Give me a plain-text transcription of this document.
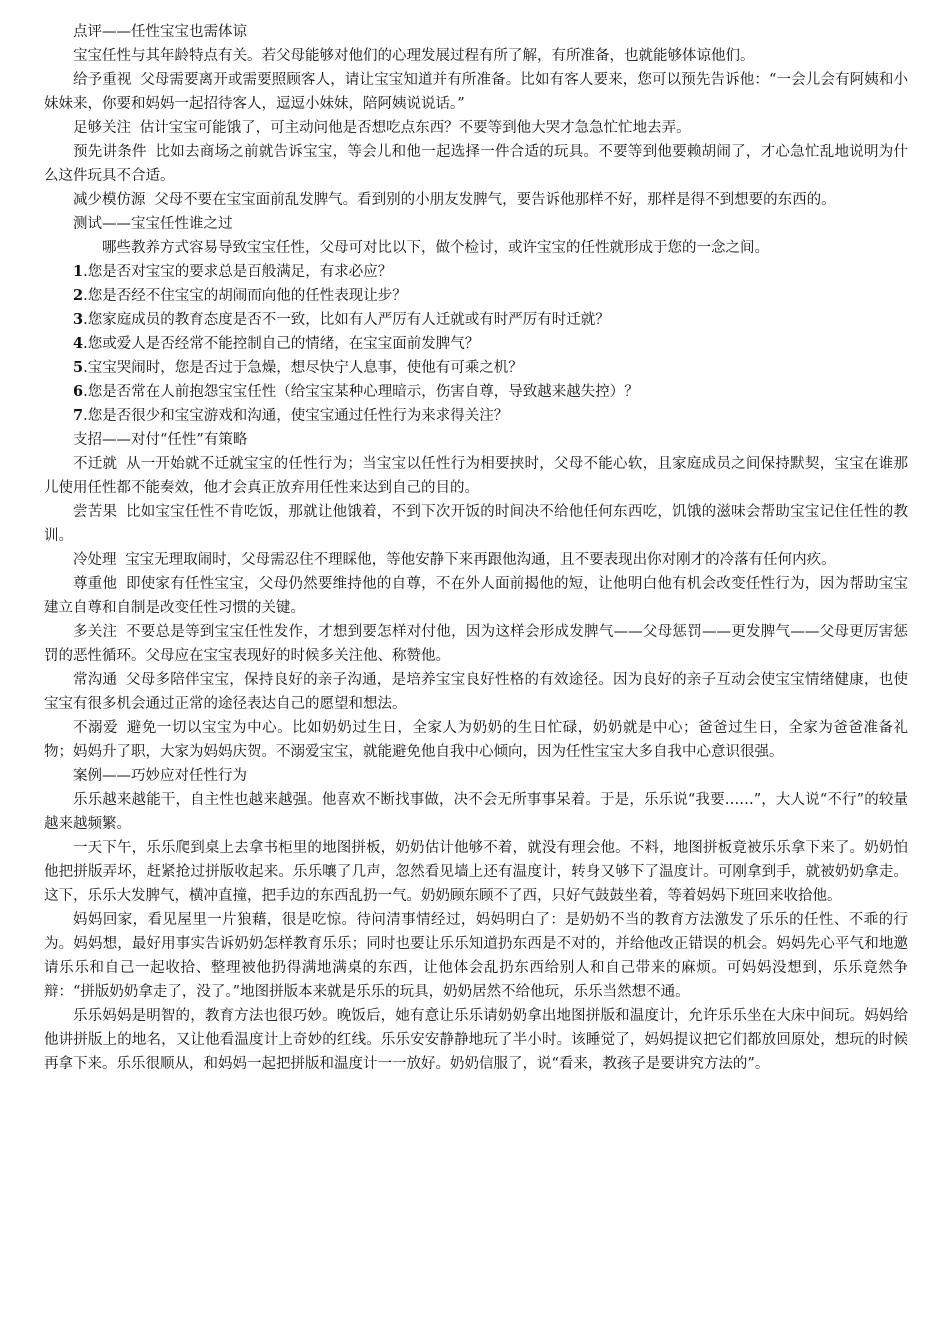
点评——任性宝宝也需体谅

宝宝任性与其年龄特点有关。若父母能够对他们的心理发展过程有所了解，有所准备，也就能够体谅他们。

给予重视 父母需要离开或需要照顾客人，请让宝宝知道并有所准备。比如有客人要来，您可以预先告诉他：“一会儿会有阿姨和小妹妹来，你要和妈妈一起招待客人，逗逗小妹妹，陪阿姨说说话。”

足够关注 估计宝宝可能饿了，可主动问他是否想吃点东西？不要等到他大哭才急急忙忙地去弄。

预先讲条件 比如去商场之前就告诉宝宝，等会儿和他一起选择一件合适的玩具。不要等到他要赖胡闹了，才心急忙乱地说明为什么这件玩具不合适。

减少模仿源 父母不要在宝宝面前乱发脾气。看到别的小朋友发脾气，要告诉他那样不好，那样是得不到想要的东西的。

测试——宝宝任性谁之过

哪些教养方式容易导致宝宝任性，父母可对比以下，做个检讨，或许宝宝的任性就形成于您的一念之间。

1.您是否对宝宝的要求总是百般满足，有求必应？
2.您是否经不住宝宝的胡闹而向他的任性表现让步？
3.您家庭成员的教育态度是否不一致，比如有人严厉有人迁就或有时严厉有时迁就？
4.您或爱人是否经常不能控制自己的情绪，在宝宝面前发脾气？
5.宝宝哭闹时，您是否过于急燥，想尽快宁人息事，使他有可乘之机？
6.您是否常在人前抱怨宝宝任性（给宝宝某种心理暗示，伤害自尊，导致越来越失控）？
7.您是否很少和宝宝游戏和沟通，使宝宝通过任性行为来求得关注？

支招——对付“任性”有策略

不迁就 从一开始就不迁就宝宝的任性行为；当宝宝以任性行为相要挟时，父母不能心软，且家庭成员之间保持默契，宝宝在谁那儿使用任性都不能奏效，他才会真正放弃用任性来达到自己的目的。

尝苦果 比如宝宝任性不肯吃饭，那就让他饿着，不到下次开饭的时间决不给他任何东西吃，饥饿的滋味会帮助宝宝记住任性的教训。

冷处理 宝宝无理取闹时，父母需忍住不理睬他，等他安静下来再跟他沟通，且不要表现出你对刚才的冷落有任何内疚。

尊重他 即使家有任性宝宝，父母仍然要维持他的自尊，不在外人面前揭他的短，让他明白他有机会改变任性行为，因为帮助宝宝建立自尊和自制是改变任性习惯的关键。

多关注 不要总是等到宝宝任性发作，才想到要怎样对付他，因为这样会形成发脾气——父母惩罚——更发脾气——父母更厉害惩罚的恶性循环。父母应在宝宝表现好的时候多关注他、称赞他。

常沟通 父母多陪伴宝宝，保持良好的亲子沟通，是培养宝宝良好性格的有效途径。因为良好的亲子互动会使宝宝情绪健康，也使宝宝有很多机会通过正常的途径表达自己的愿望和想法。

不溺爱 避免一切以宝宝为中心。比如奶奶过生日，全家人为奶奶的生日忙碌，奶奶就是中心；爸爸过生日，全家为爸爸准备礼物；妈妈升了职，大家为妈妈庆贺。不溺爱宝宝，就能避免他自我中心倾向，因为任性宝宝大多自我中心意识很强。

案例——巧妙应对任性行为

乐乐越来越能干，自主性也越来越强。他喜欢不断找事做，决不会无所事事呆着。于是，乐乐说“我要……”，大人说“不行”的较量越来越频繁。

一天下午，乐乐爬到桌上去拿书柜里的地图拼板，奶奶估计他够不着，就没有理会他。不料，地图拼板竟被乐乐拿下来了。奶奶怕他把拼版弄坏，赶紧抢过拼版收起来。乐乐嚷了几声，忽然看见墙上还有温度计，转身又够下了温度计。可刚拿到手，就被奶奶拿走。这下，乐乐大发脾气，横冲直撞，把手边的东西乱扔一气。奶奶顾东顾不了西，只好气鼓鼓坐着，等着妈妈下班回来收拾他。

妈妈回家，看见屋里一片狼藉，很是吃惊。待问清事情经过，妈妈明白了：是奶奶不当的教育方法激发了乐乐的任性、不乖的行为。妈妈想，最好用事实告诉奶奶怎样教育乐乐；同时也要让乐乐知道扔东西是不对的，并给他改正错误的机会。妈妈先心平气和地邀请乐乐和自己一起收拾、整理被他扔得满地满桌的东西，让他体会乱扔东西给别人和自己带来的麻烦。可妈妈没想到，乐乐竟然争辩：“拼版奶奶拿走了，没了。”地图拼版本来就是乐乐的玩具，奶奶居然不给他玩，乐乐当然想不通。

乐乐妈妈是明智的，教育方法也很巧妙。晚饭后，她有意让乐乐请奶奶拿出地图拼版和温度计，允许乐乐坐在大床中间玩。妈妈给他讲拼版上的地名，又让他看温度计上奇妙的红线。乐乐安安静静地玩了半小时。该睡觉了，妈妈提议把它们都放回原处，想玩的时候再拿下来。乐乐很顺从，和妈妈一起把拼版和温度计一一放好。奶奶信服了，说“看来，教孩子是要讲究方法的”。
